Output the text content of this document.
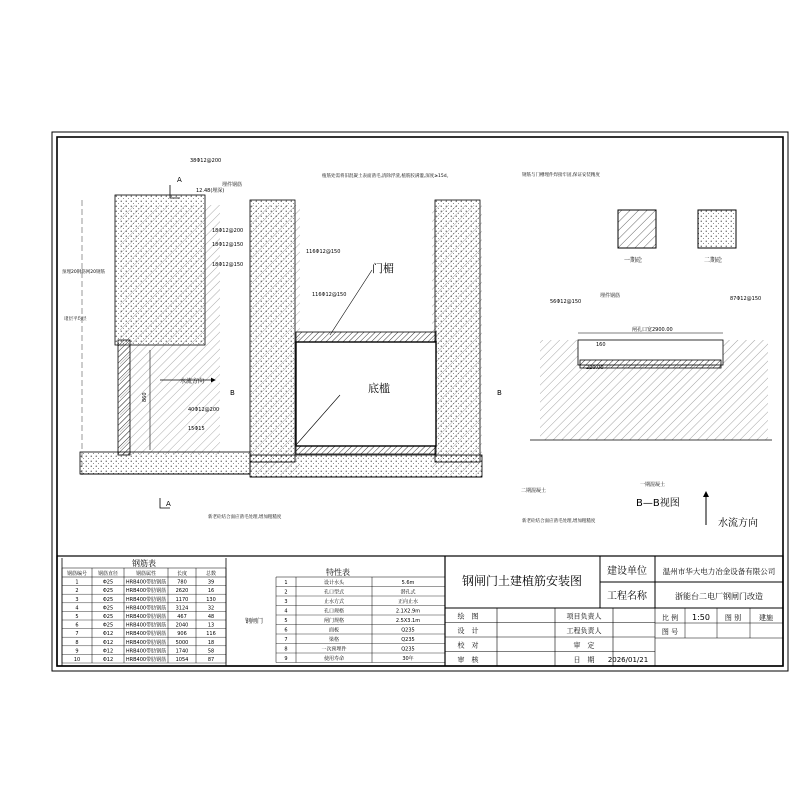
门楣
底槛
水流方向
水流方向
B—B视图
一期砼	二期砼
A
A
B	B
38Φ12@200
12.48(埋深)
埋件钢筋
18Φ12@200
18Φ12@150
18Φ12@150
预埋20钢筋网20钢筋
诸层平均层
860
40Φ12@200
15Φ15
新老砼结合面应凿毛处理,增加粗糙度
植筋处需将旧混凝土表面凿毛,清除浮渣,植筋胶满灌,深度≥15d。
116Φ12@150
116Φ12@150
钢筋与门槽埋件焊接牢固,保证安装精度
56Φ12@150
埋件钢筋	87Φ12@150
闸孔口宽2900.00
160
220.00
二期混凝土
一期混凝土
新老砼结合面应凿毛处理,增加粗糙度
钢筋表
钢筋编号 钢筋直径	钢筋属性	长度	总数
1	Φ25	HRB400带肋钢筋 780	39
2	Φ25	HRB400带肋钢筋 2620	16
3	Φ25	HRB400带肋钢筋 1170	130
4	Φ25	HRB400带肋钢筋 3124	32
5	Φ25	HRB400带肋钢筋 467	48
6	Φ25	HRB400带肋钢筋 2040	13
7	Φ12	HRB400带肋钢筋 906	116
8	Φ12	HRB400带肋钢筋 5000	18
9	Φ12	HRB400带肋钢筋 1740	58
10	Φ12	HRB400带肋钢筋 1054	87
特性表
钢闸门
1	设计水头	5.6m
2	孔口型式	潜孔式
3	止水方式	正向止水
4	孔口规格	2.1X2.9m
5	闸门规格	2.5X3.1m
6	面板	Q235
7	梁格	Q235
8	一次预埋件	Q235
9	使用寿命	30年
钢闸门土建植筋安装图
建设单位 温州市华大电力冶金设备有限公司
工程名称	浙能台二电厂钢闸门改造
绘　图	项目负责人
设　计	工程负责人
校　对	审　定
审　核	日　期 2026/01/21
比 例 1:50 图 别	建施
图 号
